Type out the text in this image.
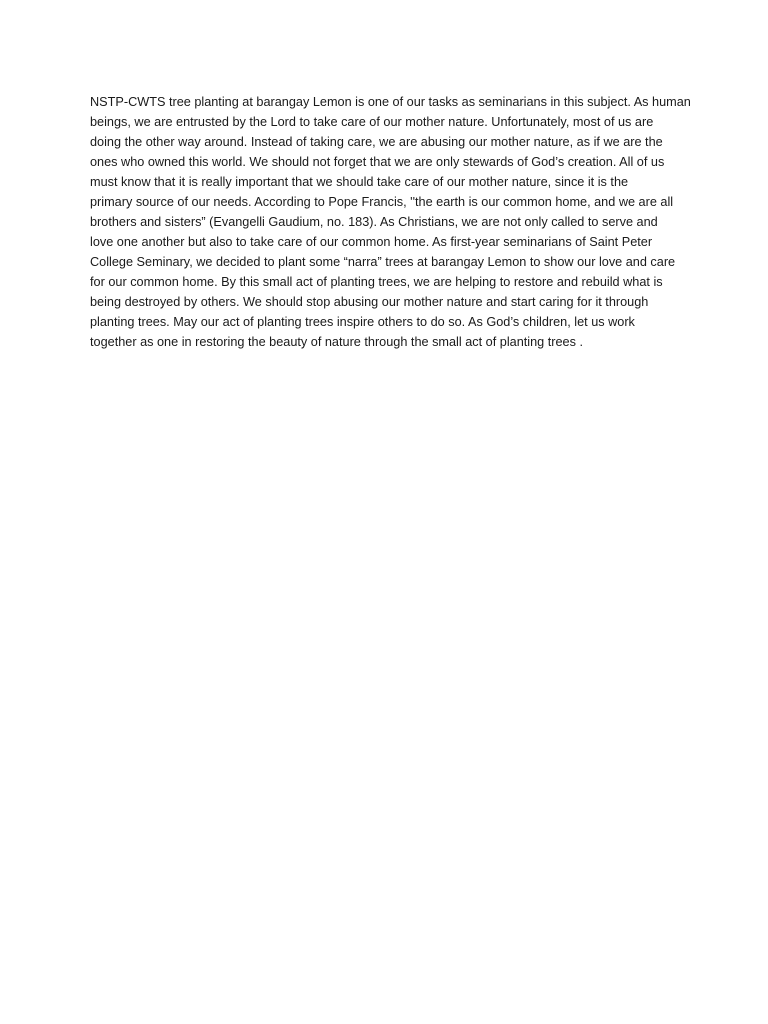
NSTP-CWTS tree planting at barangay Lemon is one of our tasks as seminarians in this subject. As human
beings, we are entrusted by the Lord to take care of our mother nature. Unfortunately, most of us are
doing the other way around. Instead of taking care, we are abusing our mother nature, as if we are the
ones who owned this world. We should not forget that we are only stewards of God’s creation. All of us
must know that it is really important that we should take care of our mother nature, since it is the
primary source of our needs. According to Pope Francis, ''the earth is our common home, and we are all
brothers and sisters” (Evangelli Gaudium, no. 183). As Christians, we are not only called to serve and
love one another but also to take care of our common home. As first-year seminarians of Saint Peter
College Seminary, we decided to plant some “narra” trees at barangay Lemon to show our love and care
for our common home. By this small act of planting trees, we are helping to restore and rebuild what is
being destroyed by others. We should stop abusing our mother nature and start caring for it through
planting trees. May our act of planting trees inspire others to do so. As God’s children, let us work
together as one in restoring the beauty of nature through the small act of planting trees .
